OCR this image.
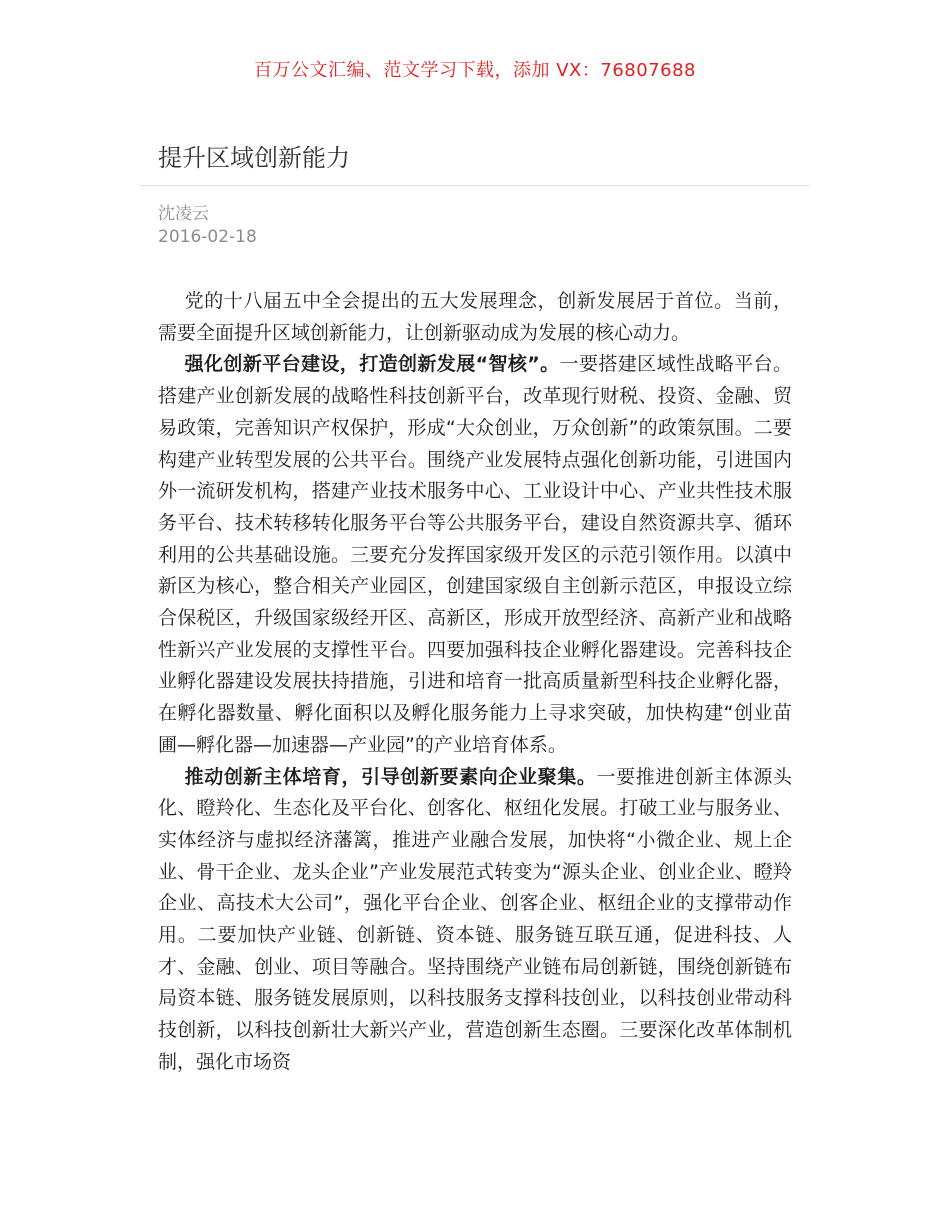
百万公文汇编、范文学习下载，添加 VX：76807688
提升区域创新能力
沈凌云
2016-02-18

党的十八届五中全会提出的五大发展理念，创新发展居于首位。当前，需要全面提升区域创新能力，让创新驱动成为发展的核心动力。

强化创新平台建设，打造创新发展“智核”。一要搭建区域性战略平台。搭建产业创新发展的战略性科技创新平台，改革现行财税、投资、金融、贸易政策，完善知识产权保护，形成“大众创业，万众创新”的政策氛围。二要构建产业转型发展的公共平台。围绕产业发展特点强化创新功能，引进国内外一流研发机构，搭建产业技术服务中心、工业设计中心、产业共性技术服务平台、技术转移转化服务平台等公共服务平台，建设自然资源共享、循环利用的公共基础设施。三要充分发挥国家级开发区的示范引领作用。以滇中新区为核心，整合相关产业园区，创建国家级自主创新示范区，申报设立综合保税区，升级国家级经开区、高新区，形成开放型经济、高新产业和战略性新兴产业发展的支撑性平台。四要加强科技企业孵化器建设。完善科技企业孵化器建设发展扶持措施，引进和培育一批高质量新型科技企业孵化器，在孵化器数量、孵化面积以及孵化服务能力上寻求突破，加快构建“创业苗圃—孵化器—加速器—产业园”的产业培育体系。

推动创新主体培育，引导创新要素向企业聚集。一要推进创新主体源头化、瞪羚化、生态化及平台化、创客化、枢纽化发展。打破工业与服务业、实体经济与虚拟经济藩篱，推进产业融合发展，加快将“小微企业、规上企业、骨干企业、龙头企业”产业发展范式转变为“源头企业、创业企业、瞪羚企业、高技术大公司”，强化平台企业、创客企业、枢纽企业的支撑带动作用。二要加快产业链、创新链、资本链、服务链互联互通，促进科技、人才、金融、创业、项目等融合。坚持围绕产业链布局创新链，围绕创新链布局资本链、服务链发展原则，以科技服务支撑科技创业，以科技创业带动科技创新，以科技创新壮大新兴产业，营造创新生态圈。三要深化改革体制机制，强化市场资
